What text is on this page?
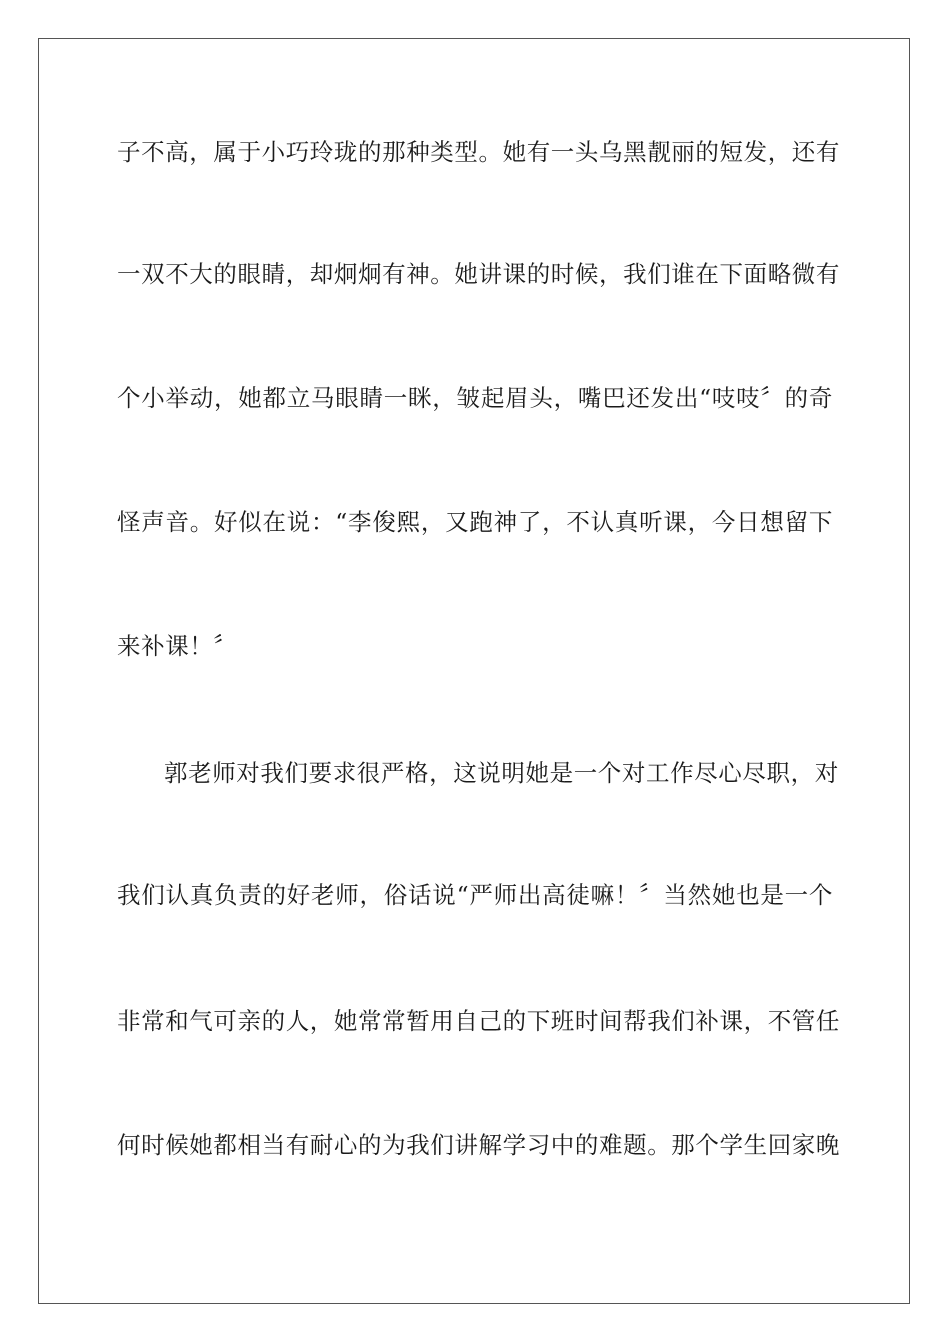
子不高，属于小巧玲珑的那种类型。她有一头乌黑靓丽的短发，还有
一双不大的眼睛，却炯炯有神。她讲课的时候，我们谁在下面略微有
个小举动，她都立马眼睛一眯，皱起眉头，嘴巴还发出“吱吱〞的奇
怪声音。好似在说：“李俊熙，又跑神了，不认真听课，今日想留下
来补课！〞
郭老师对我们要求很严格，这说明她是一个对工作尽心尽职，对
我们认真负责的好老师，俗话说“严师出高徒嘛！〞当然她也是一个
非常和气可亲的人，她常常暂用自己的下班时间帮我们补课，不管任
何时候她都相当有耐心的为我们讲解学习中的难题。那个学生回家晚
